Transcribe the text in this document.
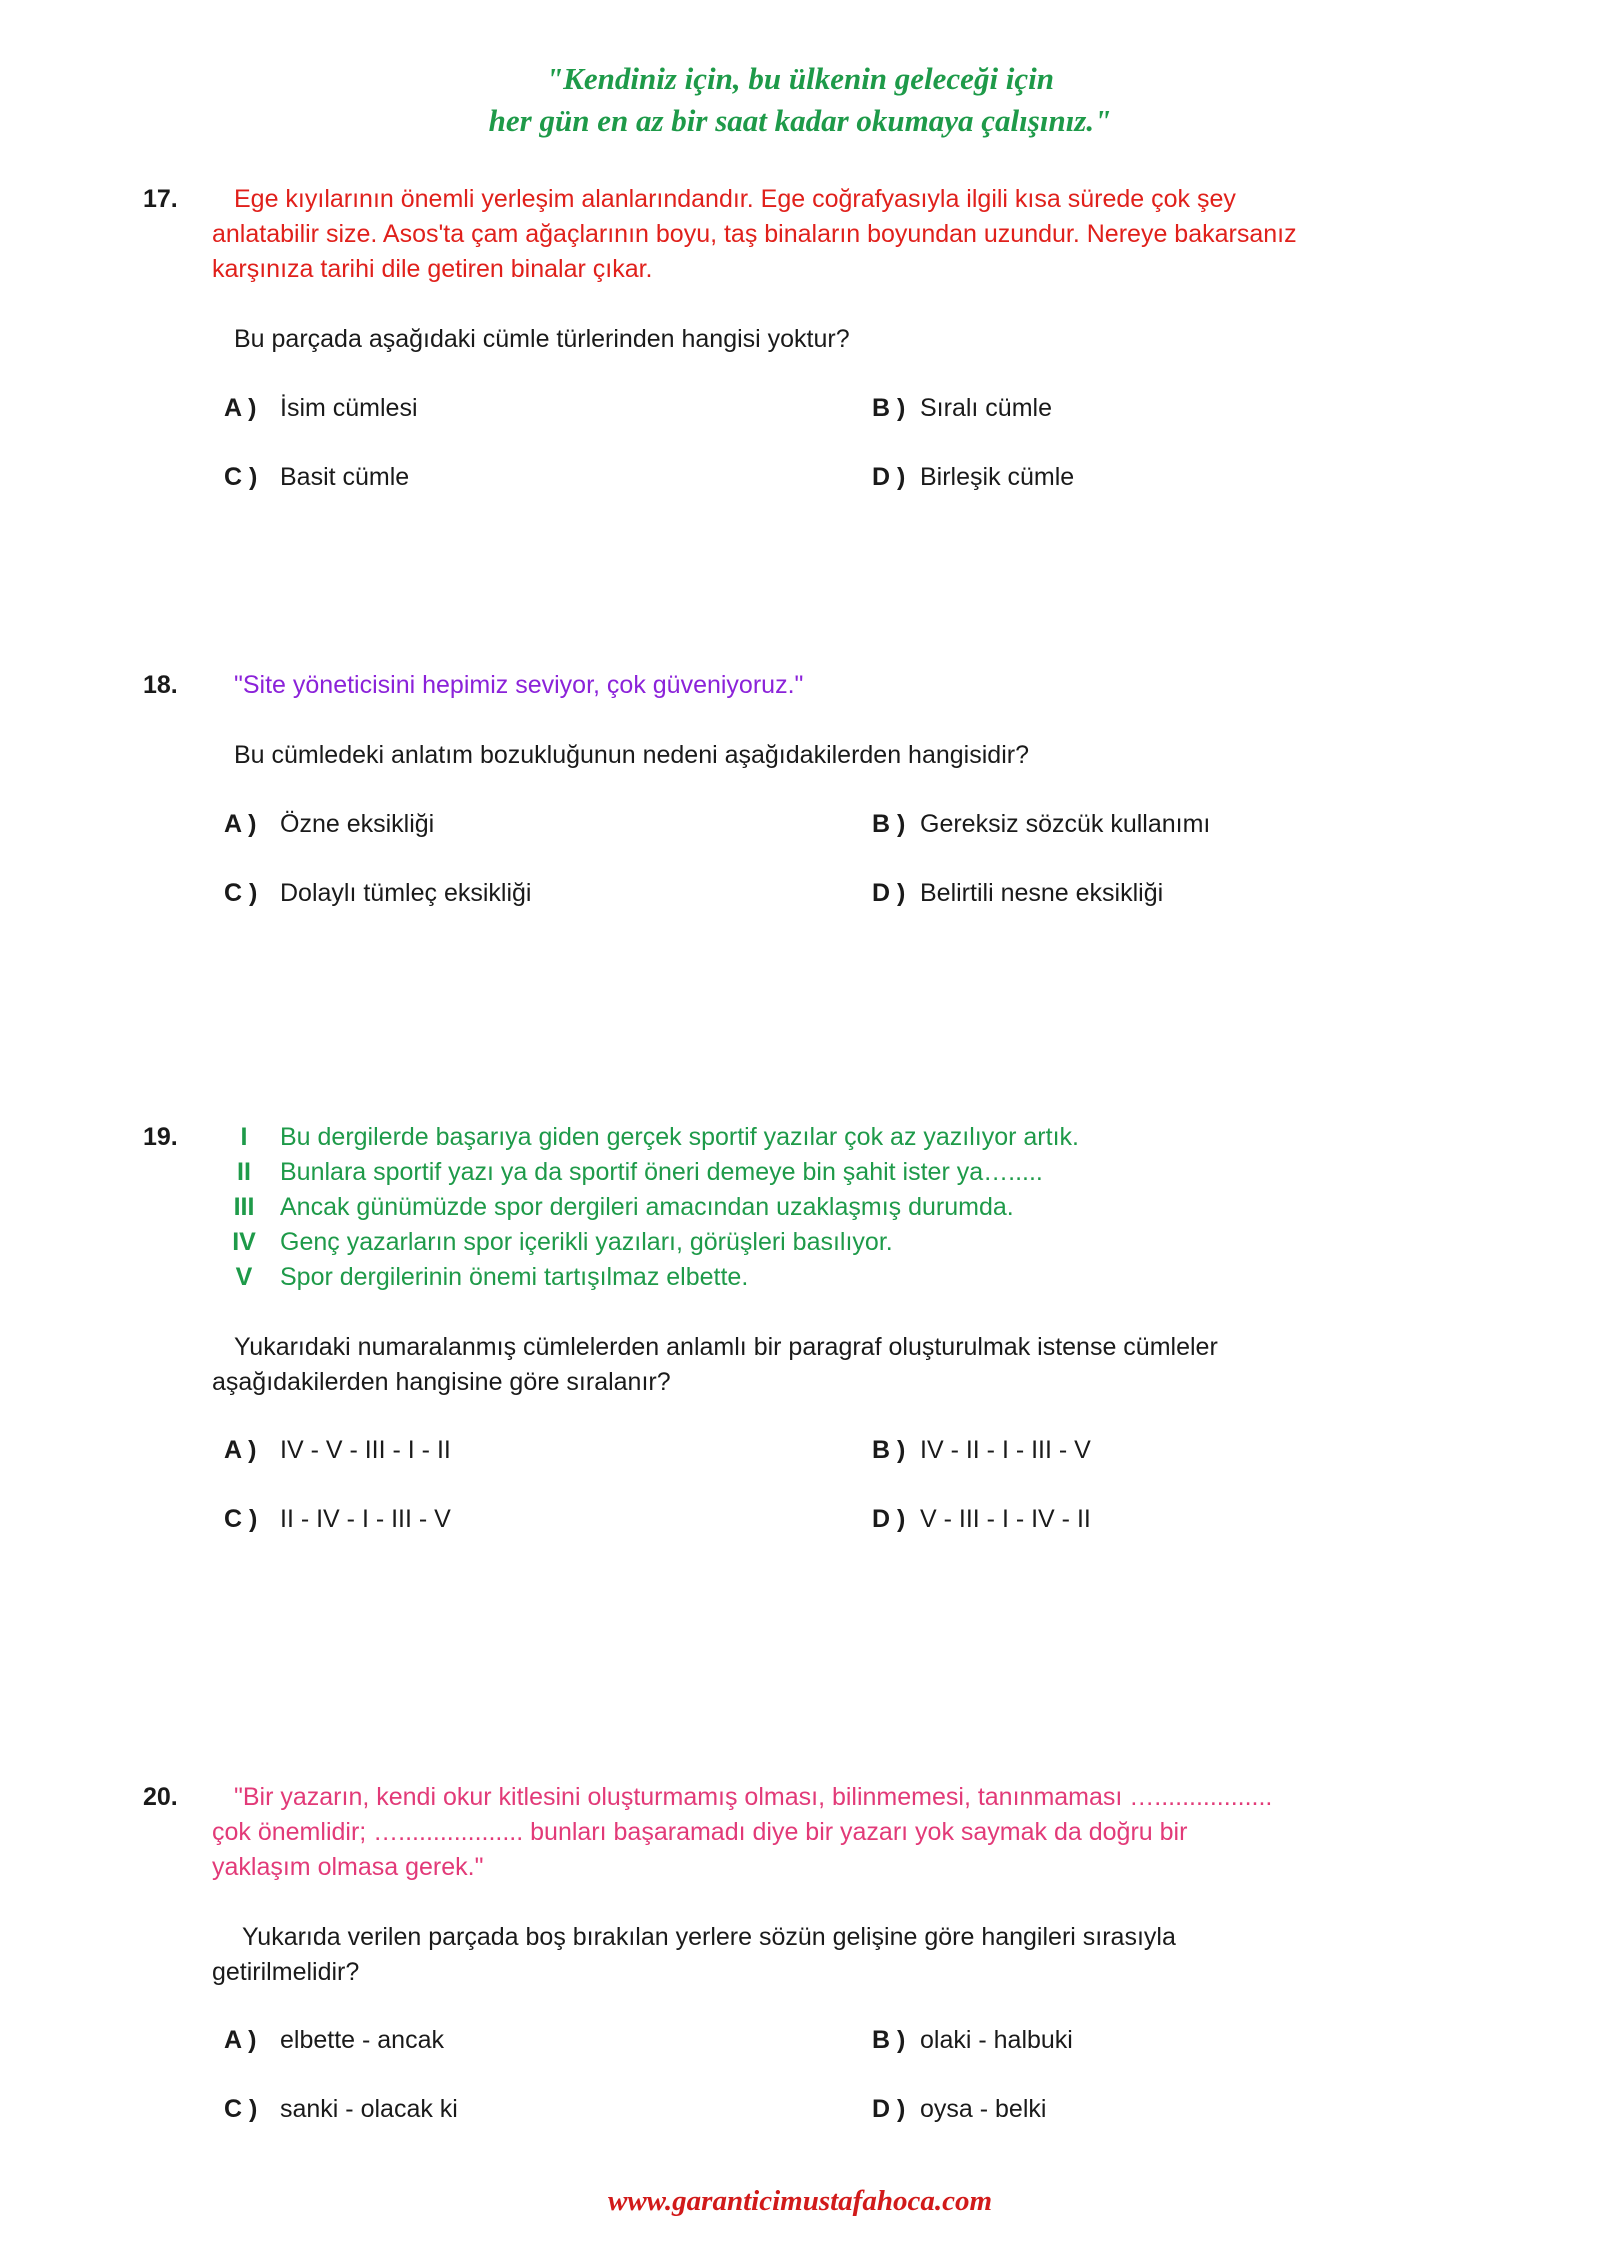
"Kendiniz için, bu ülkenin geleceği için
her gün en az bir saat kadar okumaya çalışınız."
17.	Ege kıyılarının önemli yerleşim alanlarındandır. Ege coğrafyasıyla ilgili kısa sürede çok şey
anlatabilir size. Asos'ta çam ağaçlarının boyu, taş binaların boyundan uzundur. Nereye bakarsanız
karşınıza tarihi dile getiren binalar çıkar.
Bu parçada aşağıdaki cümle türlerinden hangisi yoktur?
A ) İsim cümlesi	B ) Sıralı cümle
C ) Basit cümle	D ) Birleşik cümle
18.	"Site yöneticisini hepimiz seviyor, çok güveniyoruz."
Bu cümledeki anlatım bozukluğunun nedeni aşağıdakilerden hangisidir?
A ) Özne eksikliği	B ) Gereksiz sözcük kullanımı
C ) Dolaylı tümleç eksikliği	D ) Belirtili nesne eksikliği
19.	I	Bu dergilerde başarıya giden gerçek sportif yazılar çok az yazılıyor artık.
II	Bunlara sportif yazı ya da sportif öneri demeye bin şahit ister ya….....
III	Ancak günümüzde spor dergileri amacından uzaklaşmış durumda.
IV Genç yazarların spor içerikli yazıları, görüşleri basılıyor.
V	Spor dergilerinin önemi tartışılmaz elbette.
Yukarıdaki numaralanmış cümlelerden anlamlı bir paragraf oluşturulmak istense cümleler
aşağıdakilerden hangisine göre sıralanır?
A ) IV - V - III - I - II	B ) IV - II - I - III - V
C ) II - IV - I - III - V	D ) V - III - I - IV - II
20.	"Bir yazarın, kendi okur kitlesini oluşturmamış olması, bilinmemesi, tanınmaması ….................
çok önemlidir; ….................. bunları başaramadı diye bir yazarı yok saymak da doğru bir
yaklaşım olmasa gerek."
Yukarıda verilen parçada boş bırakılan yerlere sözün gelişine göre hangileri sırasıyla
getirilmelidir?
A ) elbette - ancak	B ) olaki - halbuki
C ) sanki - olacak ki	D ) oysa - belki
www.garanticimustafahoca.com
